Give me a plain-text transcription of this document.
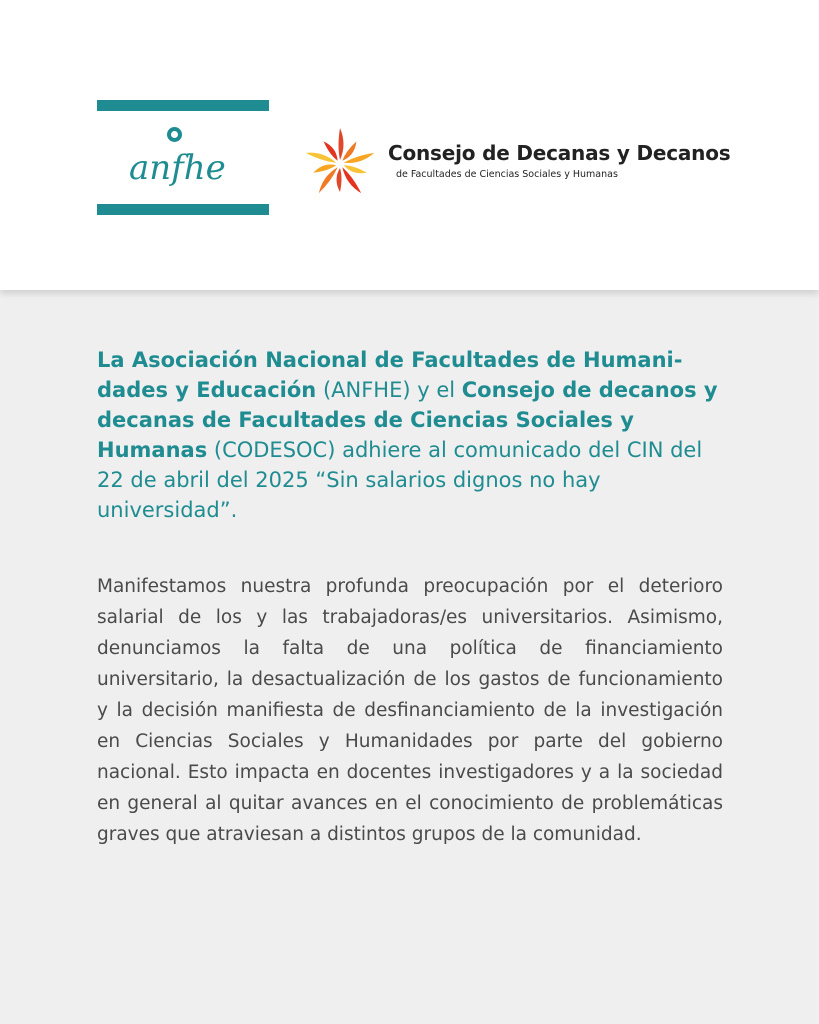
anfhe	Consejo de Decanas y Decanos
de Facultades de Ciencias Sociales y Humanas

La Asociación Nacional de Facultades de Humanidades y Educación (ANFHE) y el Consejo de decanos y decanas de Facultades de Ciencias Sociales y Humanas (CODESOC) adhiere al comunicado del CIN del 22 de abril del 2025 “Sin salarios dignos no hay universidad”.

Manifestamos nuestra profunda preocupación por el deterioro salarial de los y las trabajadoras/es universitarios. Asimismo, denunciamos la falta de una política de financiamiento universitario, la desactualización de los gastos de funcionamiento y la decisión manifiesta de desfinanciamiento de la investigación en Ciencias Sociales y Humanidades por parte del gobierno nacional. Esto impacta en docentes investigadores y a la sociedad en general al quitar avances en el conocimiento de problemáticas graves que atraviesan a distintos grupos de la comunidad.
